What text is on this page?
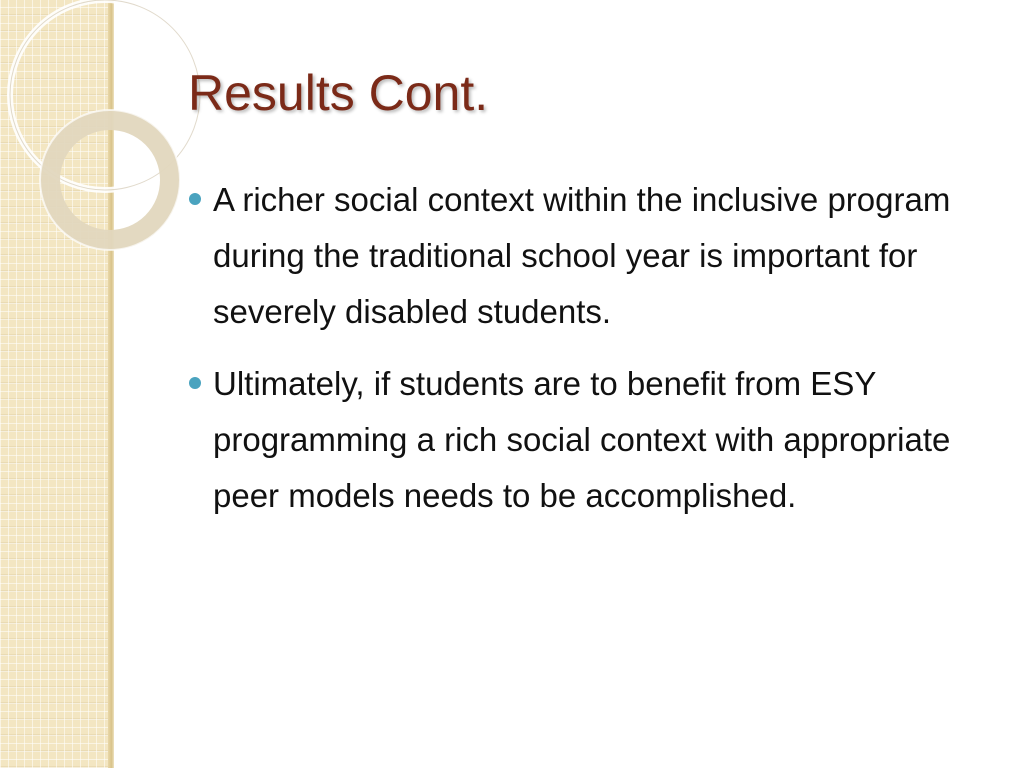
Results Cont.
A richer social context within the inclusive program during the traditional school year is important for severely disabled students.
Ultimately, if students are to benefit from ESY programming a rich social context with appropriate peer models needs to be accomplished.
